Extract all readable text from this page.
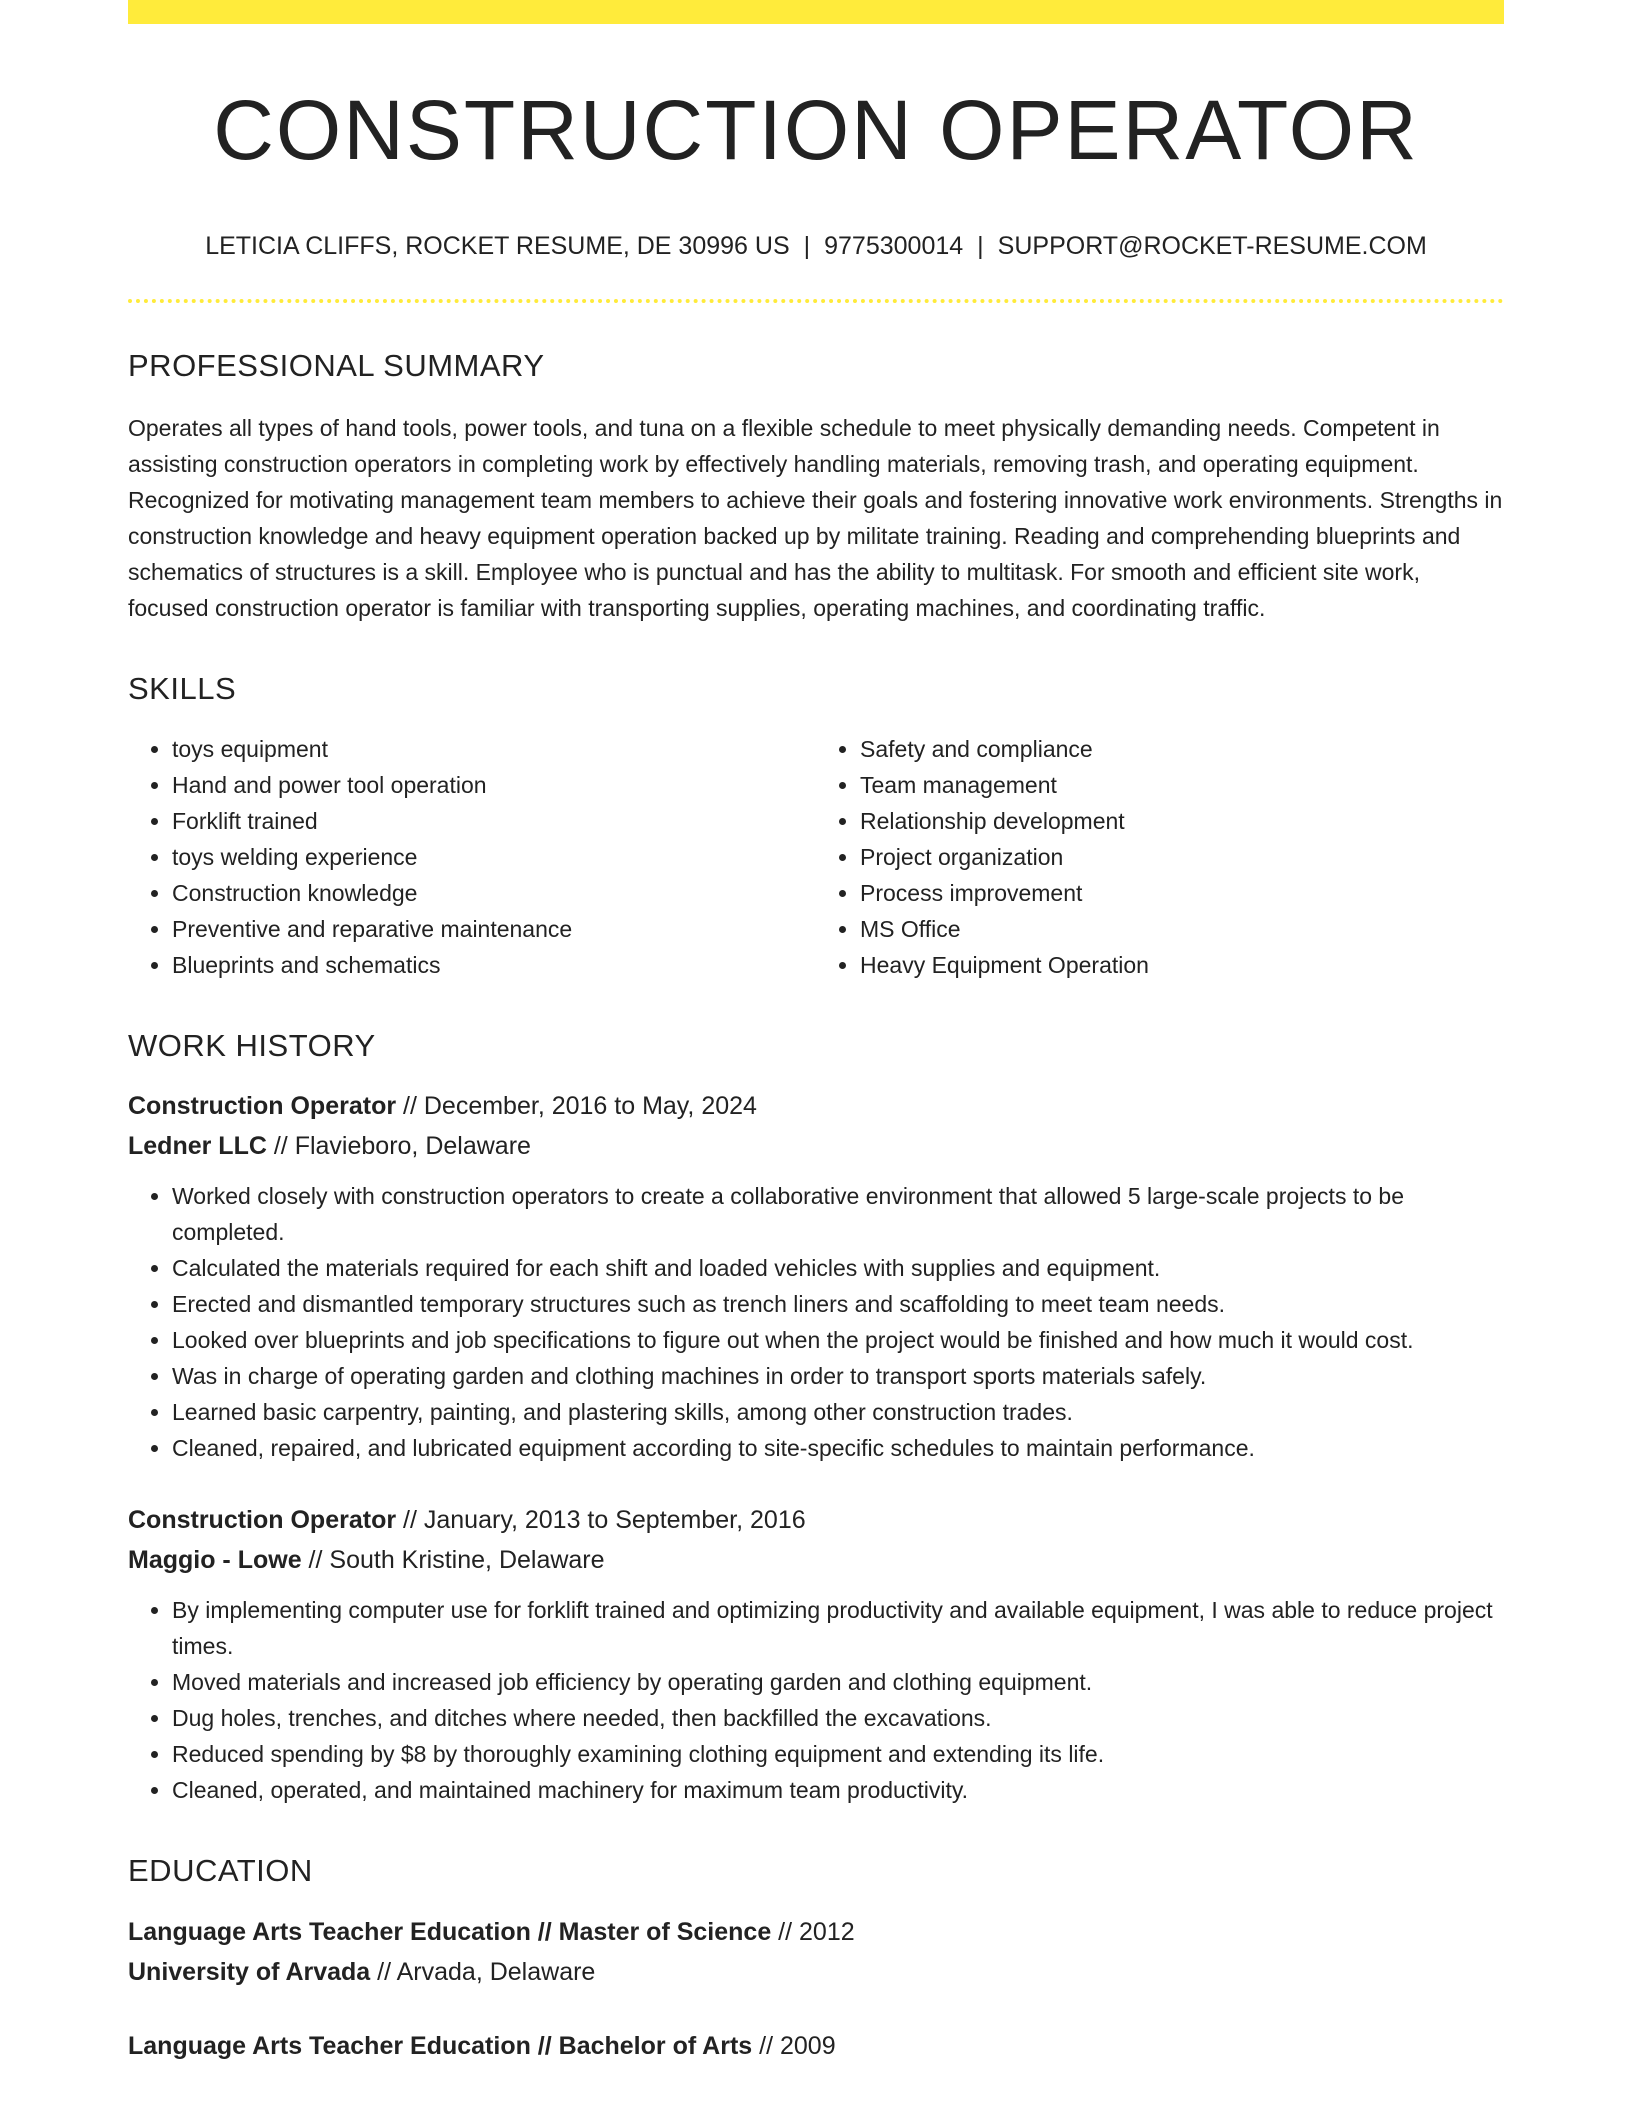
CONSTRUCTION OPERATOR
LETICIA CLIFFS, ROCKET RESUME, DE 30996 US | 9775300014 | SUPPORT@ROCKET-RESUME.COM
PROFESSIONAL SUMMARY
Operates all types of hand tools, power tools, and tuna on a flexible schedule to meet physically demanding needs. Competent in assisting construction operators in completing work by effectively handling materials, removing trash, and operating equipment. Recognized for motivating management team members to achieve their goals and fostering innovative work environments. Strengths in construction knowledge and heavy equipment operation backed up by militate training. Reading and comprehending blueprints and schematics of structures is a skill. Employee who is punctual and has the ability to multitask. For smooth and efficient site work, focused construction operator is familiar with transporting supplies, operating machines, and coordinating traffic.
SKILLS
• toys equipment
• Hand and power tool operation
• Forklift trained
• toys welding experience
• Construction knowledge
• Preventive and reparative maintenance
• Blueprints and schematics
• Safety and compliance
• Team management
• Relationship development
• Project organization
• Process improvement
• MS Office
• Heavy Equipment Operation
WORK HISTORY
Construction Operator // December, 2016 to May, 2024
Ledner LLC // Flavieboro, Delaware
• Worked closely with construction operators to create a collaborative environment that allowed 5 large-scale projects to be completed.
• Calculated the materials required for each shift and loaded vehicles with supplies and equipment.
• Erected and dismantled temporary structures such as trench liners and scaffolding to meet team needs.
• Looked over blueprints and job specifications to figure out when the project would be finished and how much it would cost.
• Was in charge of operating garden and clothing machines in order to transport sports materials safely.
• Learned basic carpentry, painting, and plastering skills, among other construction trades.
• Cleaned, repaired, and lubricated equipment according to site-specific schedules to maintain performance.
Construction Operator // January, 2013 to September, 2016
Maggio - Lowe // South Kristine, Delaware
• By implementing computer use for forklift trained and optimizing productivity and available equipment, I was able to reduce project times.
• Moved materials and increased job efficiency by operating garden and clothing equipment.
• Dug holes, trenches, and ditches where needed, then backfilled the excavations.
• Reduced spending by $8 by thoroughly examining clothing equipment and extending its life.
• Cleaned, operated, and maintained machinery for maximum team productivity.
EDUCATION
Language Arts Teacher Education // Master of Science // 2012
University of Arvada // Arvada, Delaware
Language Arts Teacher Education // Bachelor of Arts // 2009
